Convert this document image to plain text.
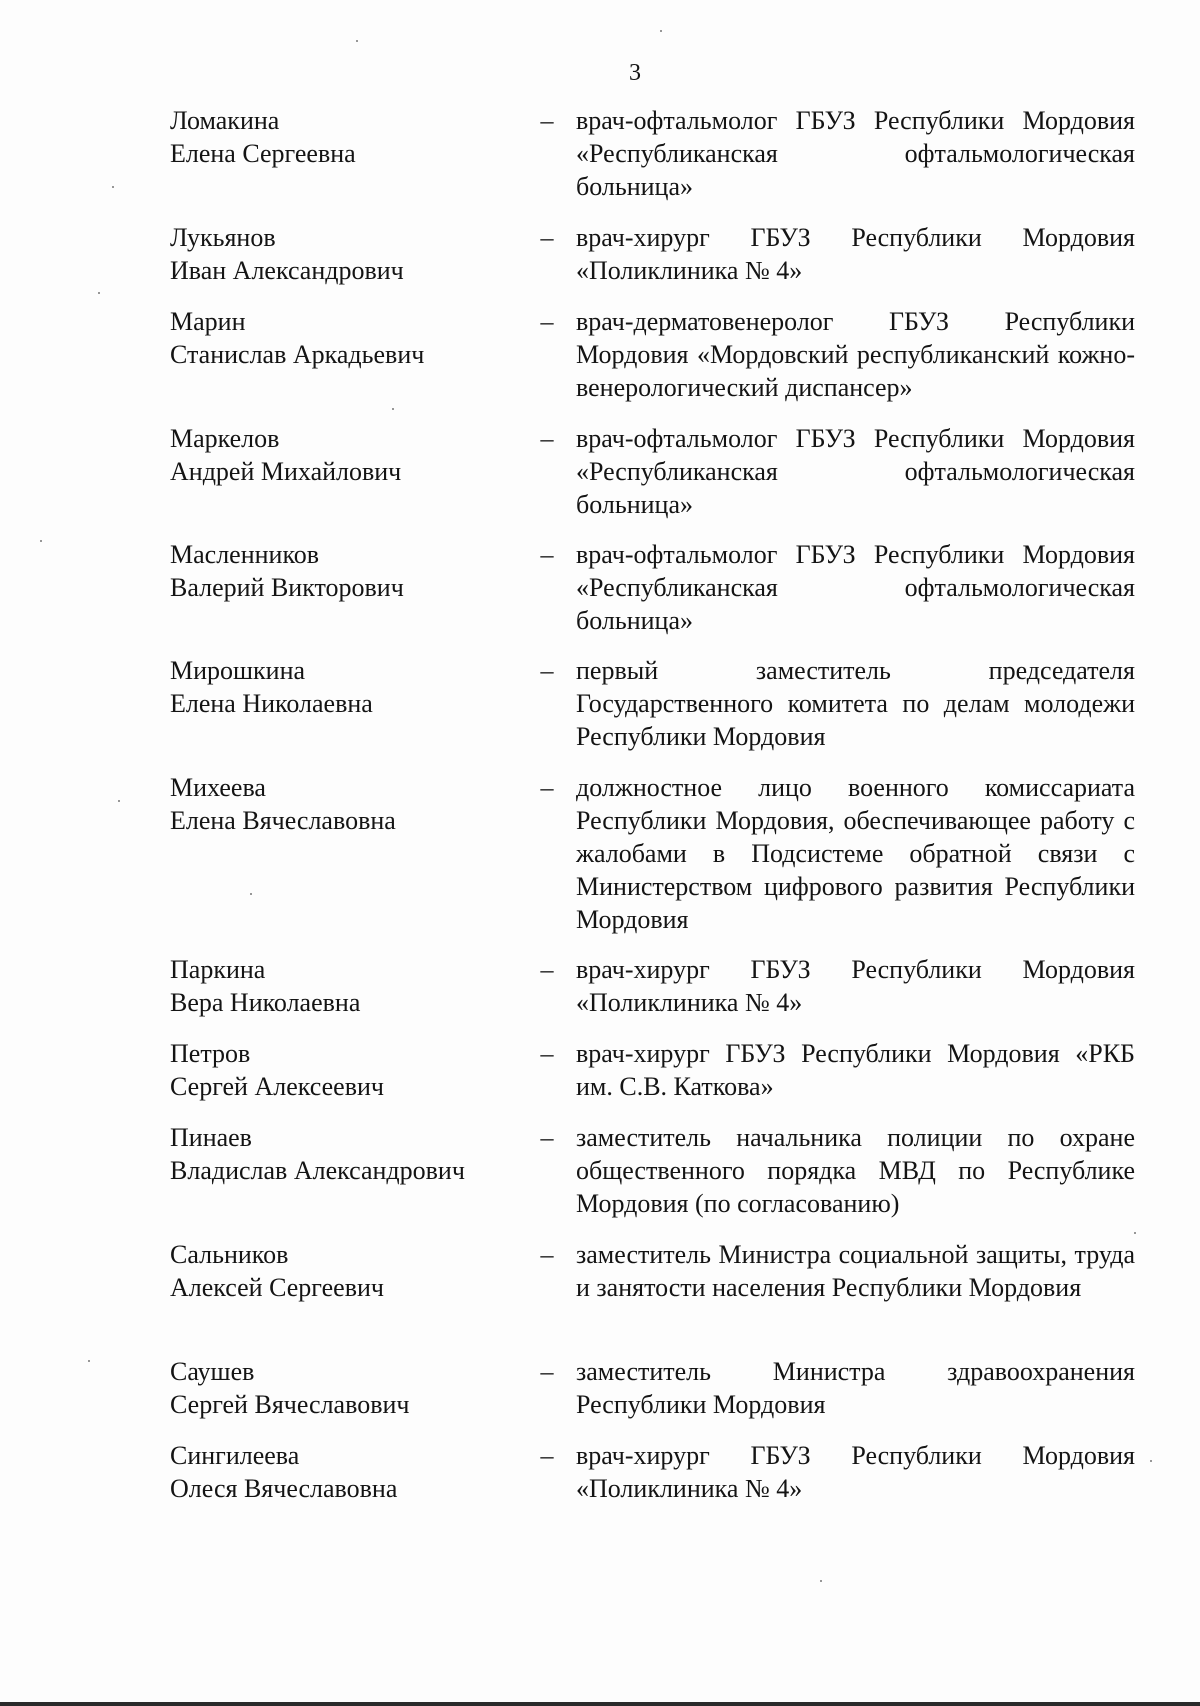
3
Ломакина
Елена Сергеевна
– врач-офтальмолог ГБУЗ Республики Мордовия «Республиканская офтальмологическая больница»
Лукьянов
Иван Александрович
– врач-хирург ГБУЗ Республики Мордовия «Поликлиника № 4»
Марин
Станислав Аркадьевич
– врач-дерматовенеролог ГБУЗ Республики Мордовия «Мордовский республиканский кожно-венерологический диспансер»
Маркелов
Андрей Михайлович
– врач-офтальмолог ГБУЗ Республики Мордовия «Республиканская офтальмологическая больница»
Масленников
Валерий Викторович
– врач-офтальмолог ГБУЗ Республики Мордовия «Республиканская офтальмологическая больница»
Мирошкина
Елена Николаевна
– первый заместитель председателя Государственного комитета по делам молодежи Республики Мордовия
Михеева
Елена Вячеславовна
– должностное лицо военного комиссариата Республики Мордовия, обеспечивающее работу с жалобами в Подсистеме обратной связи с Министерством цифрового развития Республики Мордовия
Паркина
Вера Николаевна
– врач-хирург ГБУЗ Республики Мордовия «Поликлиника № 4»
Петров
Сергей Алексеевич
– врач-хирург ГБУЗ Республики Мордовия «РКБ им. С.В. Каткова»
Пинаев
Владислав Александрович
– заместитель начальника полиции по охране общественного порядка МВД по Республике Мордовия (по согласованию)
Сальников
Алексей Сергеевич
– заместитель Министра социальной защиты, труда и занятости населения Республики Мордовия
Саушев
Сергей Вячеславович
– заместитель Министра здравоохранения Республики Мордовия
Сингилеева
Олеся Вячеславовна
– врач-хирург ГБУЗ Республики Мордовия «Поликлиника № 4»
